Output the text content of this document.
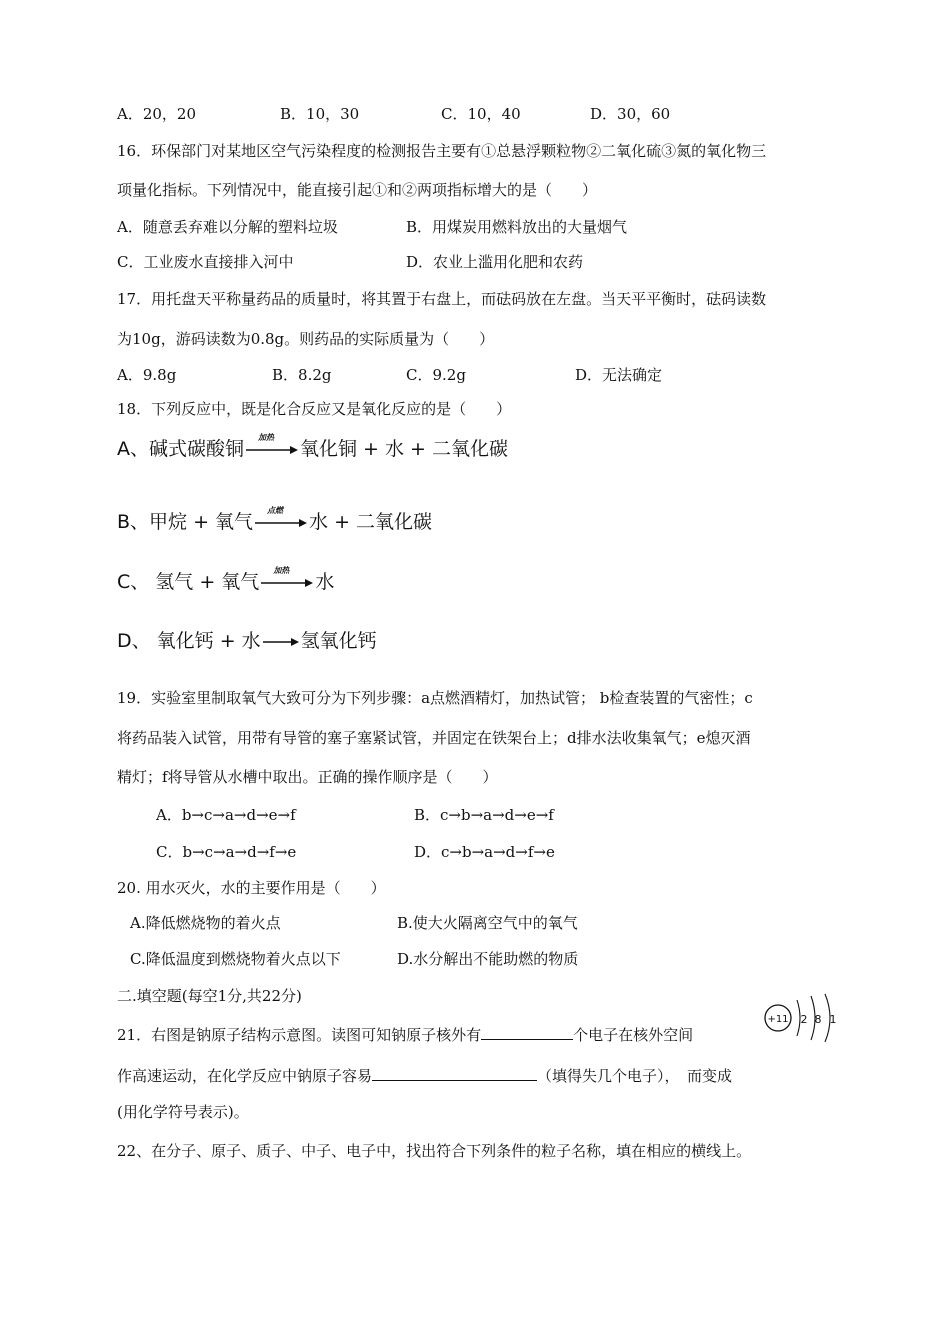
A．20，20	B．10，30	C．10，40	D．30，60
16．环保部门对某地区空气污染程度的检测报告主要有①总悬浮颗粒物②二氧化硫③氮的氧化物三
项量化指标。下列情况中，能直接引起①和②两项指标增大的是（　　）
A．随意丢弃难以分解的塑料垃圾	B．用煤炭用燃料放出的大量烟气
C．工业废水直接排入河中	D．农业上滥用化肥和农药
17．用托盘天平称量药品的质量时，将其置于右盘上，而砝码放在左盘。当天平平衡时，砝码读数
为10g，游码读数为0.8g。则药品的实际质量为（　　）
A．9.8g	B．8.2g	C．9.2g	D．无法确定
18．下列反应中，既是化合反应又是氧化反应的是（　　）
A、碱式碳酸铜
加热
氧化铜 + 水 + 二氧化碳
B、甲烷 + 氧气
点燃
水 + 二氧化碳
C、 氢气 + 氧气
加热
水
D、 氧化钙 + 水 → 氢氧化钙
19．实验室里制取氧气大致可分为下列步骤：a点燃酒精灯，加热试管； b检查装置的气密性；c
将药品装入试管，用带有导管的塞子塞紧试管，并固定在铁架台上；d排水法收集氧气；e熄灭酒
精灯；f将导管从水槽中取出。正确的操作顺序是（　　）
A．b→c→a→d→e→f	B．c→b→a→d→e→f
C．b→c→a→d→f→e	D．c→b→a→d→f→e
20. 用水灭火，水的主要作用是（　　）
A.降低燃烧物的着火点	B.使大火隔离空气中的氧气
C.降低温度到燃烧物着火点以下	D.水分解出不能助燃的物质
二.填空题(每空1分,共22分)
21．右图是钠原子结构示意图。读图可知钠原子核外有	个电子在核外空间
作高速运动，在化学反应中钠原子容易	（填得失几个电子），　而变成
(用化学符号表示)。
+11 2 8 1
22、在分子、原子、质子、中子、电子中，找出符合下列条件的粒子名称，填在相应的横线上。
